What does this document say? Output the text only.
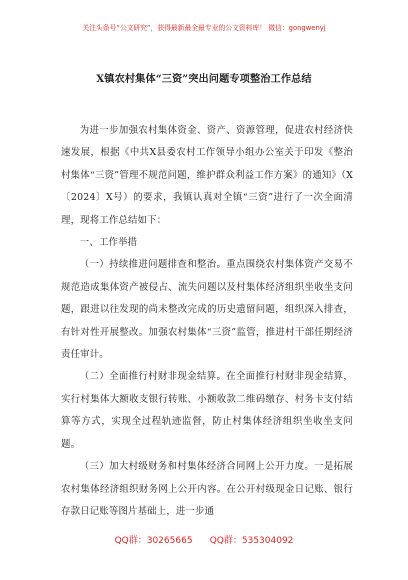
关注头条号“公文研究”，获得最新最全最专业的公文资料库！ 微信：gongwenyj
X镇农村集体“三资”突出问题专项整治工作总结

为进一步加强农村集体资金、资产、资源管理，促进农村经济快速发展，根据《中共X县委农村工作领导小组办公室关于印发《整治村集体“三资”管理不规范问题，维护群众利益工作方案》的通知》（X〔2024〕X号）的要求，我镇认真对全镇“三资”进行了一次全面清理，现将工作总结如下：

一、工作举措

（一）持续推进问题排查和整治。重点围绕农村集体资产交易不规范造成集体资产被侵占、流失问题以及村集体经济组织坐收坐支问题，跟进以往发现的尚未整改完成的历史遗留问题，组织深入排查，有针对性开展整改。加强农村集体“三资”监管，推进村干部任期经济责任审计。

（二）全面推行村财非现金结算。在全面推行村财非现金结算，实行村集体大额收支银行转账、小额收款二维码缴存、村务卡支付结算等方式，实现全过程轨迹监督，防止村集体经济组织坐收坐支问题。

（三）加大村级财务和村集体经济合同网上公开力度。一是拓展农村集体经济组织财务网上公开内容。在公开村级现金日记账、银行存款日记账等图片基础上，进一步通

QQ群：30265665      QQ群：535304092
